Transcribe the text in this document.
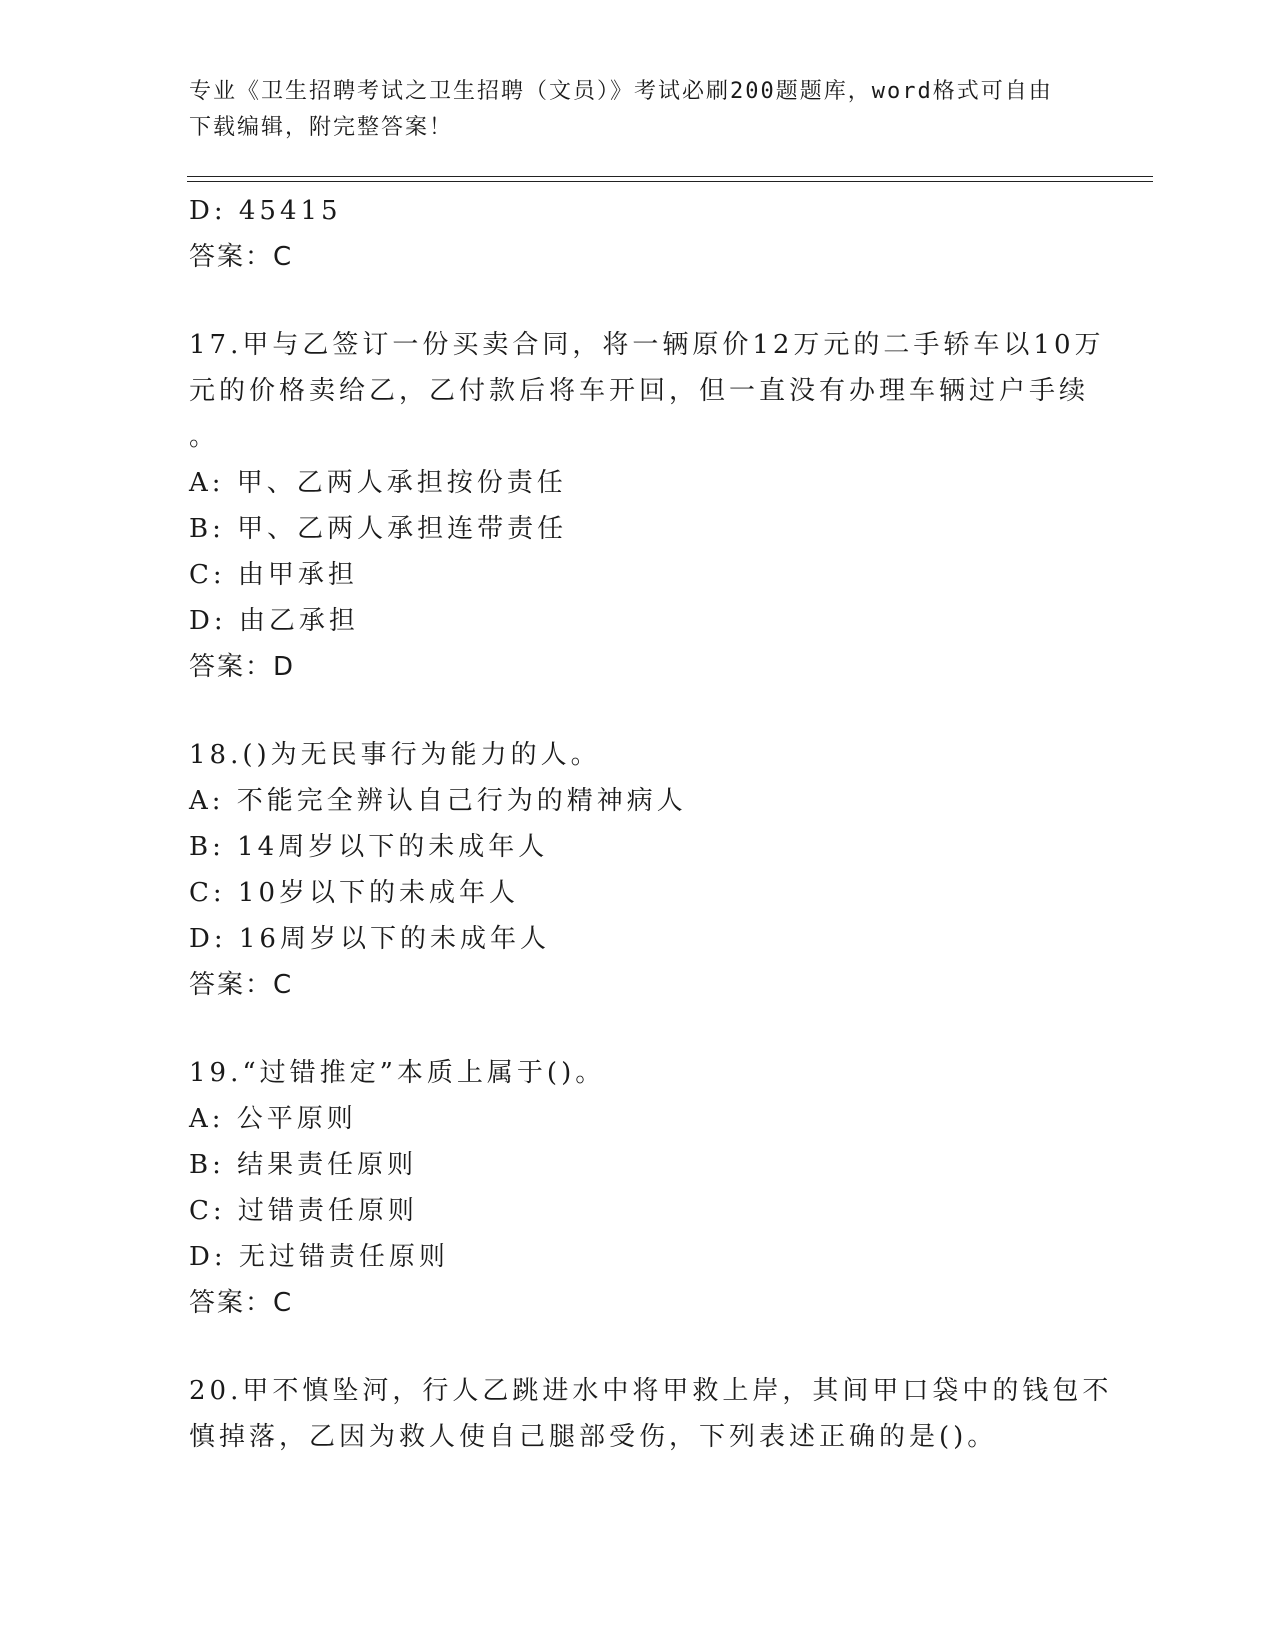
专业《卫生招聘考试之卫生招聘（文员）》考试必刷200题题库，word格式可自由下载编辑，附完整答案！
D: 45415
答案：C
17.甲与乙签订一份买卖合同，将一辆原价12万元的二手轿车以10万
元的价格卖给乙，乙付款后将车开回，但一直没有办理车辆过户手续
。
A: 甲、乙两人承担按份责任
B: 甲、乙两人承担连带责任
C: 由甲承担
D: 由乙承担
答案：D
18.()为无民事行为能力的人。
A: 不能完全辨认自己行为的精神病人
B: 14周岁以下的未成年人
C: 10岁以下的未成年人
D: 16周岁以下的未成年人
答案：C
19.“过错推定”本质上属于()。
A: 公平原则
B: 结果责任原则
C: 过错责任原则
D: 无过错责任原则
答案：C
20.甲不慎坠河，行人乙跳进水中将甲救上岸，其间甲口袋中的钱包不
慎掉落，乙因为救人使自己腿部受伤，下列表述正确的是()。
